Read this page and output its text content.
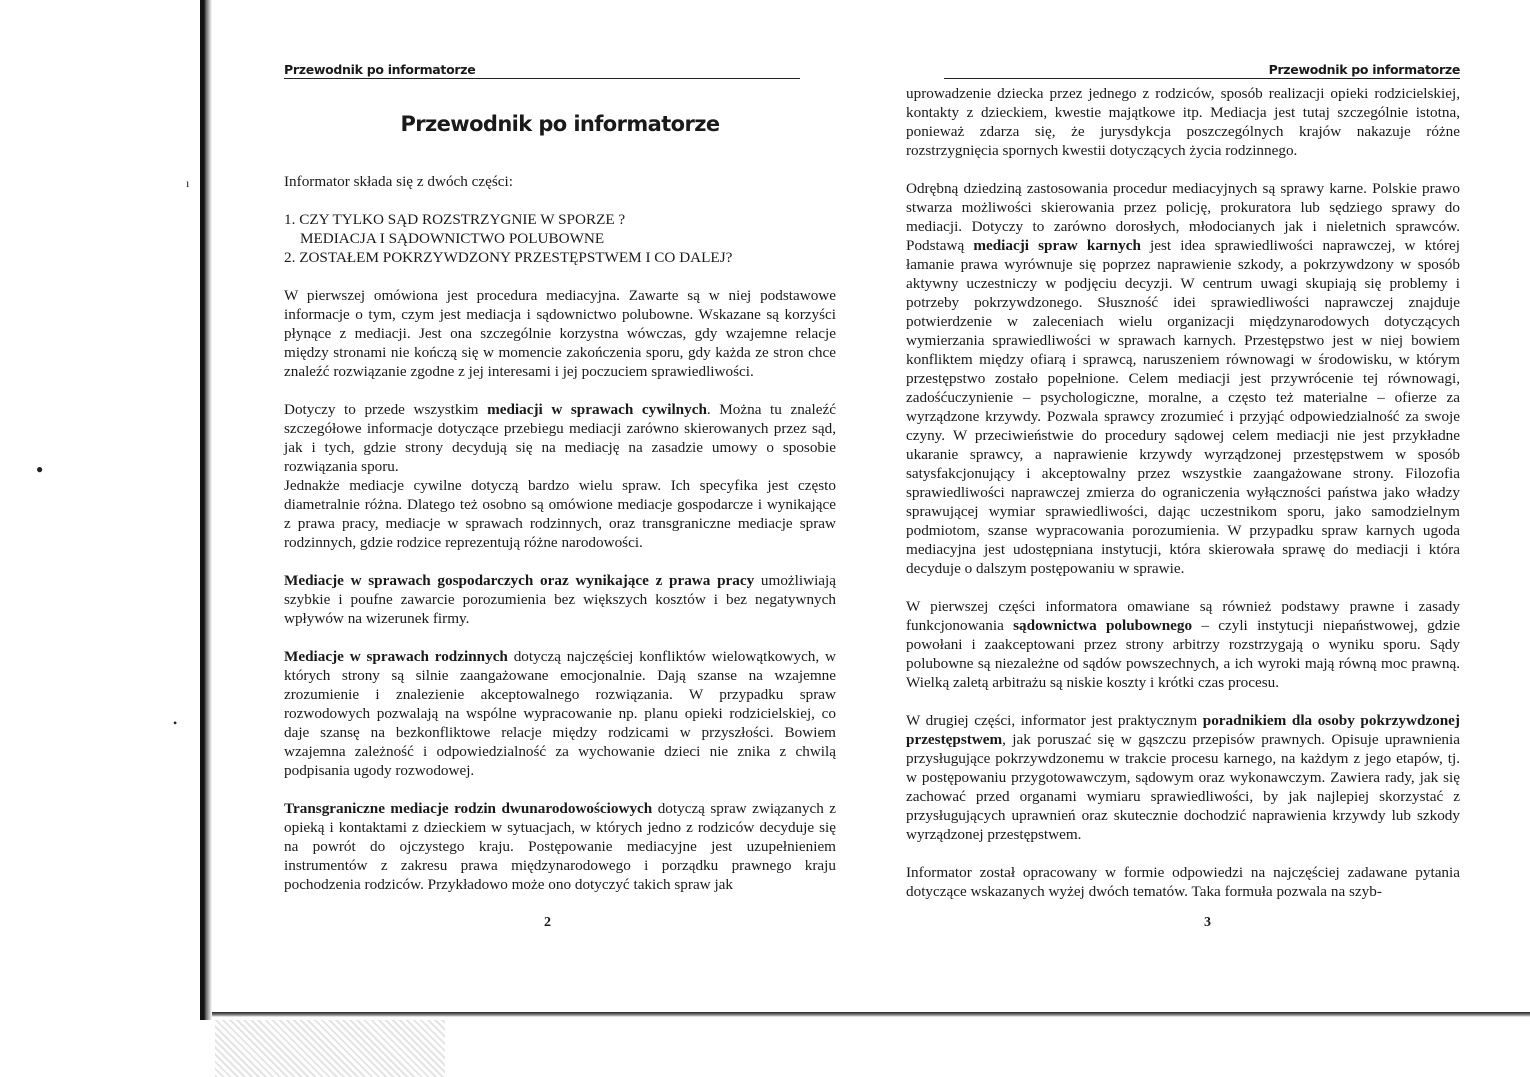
ı
●
•
Przewodnik po informatorze
Przewodnik po informatorze

Informator składa się z dwóch części:

1. CZY TYLKO SĄD ROZSTRZYGNIE W SPORZE ?
MEDIACJA I SĄDOWNICTWO POLUBOWNE
2. ZOSTAŁEM POKRZYWDZONY PRZESTĘPSTWEM I CO DALEJ?

W pierwszej omówiona jest procedura mediacyjna. Zawarte są w niej podstawowe informacje o tym, czym jest mediacja i sądownictwo polubowne. Wskazane są korzyści płynące z mediacji. Jest ona szczególnie korzystna wówczas, gdy wzajemne relacje między stronami nie kończą się w momencie zakończenia sporu, gdy każda ze stron chce znaleźć rozwiązanie zgodne z jej interesami i jej poczuciem sprawiedliwości.

Dotyczy to przede wszystkim mediacji w sprawach cywilnych. Można tu znaleźć szczegółowe informacje dotyczące przebiegu mediacji zarówno skierowanych przez sąd, jak i tych, gdzie strony decydują się na mediację na zasadzie umowy o sposobie rozwiązania sporu.

Jednakże mediacje cywilne dotyczą bardzo wielu spraw. Ich specyfika jest często diametralnie różna. Dlatego też osobno są omówione mediacje gospodarcze i wynikające z prawa pracy, mediacje w sprawach rodzinnych, oraz transgraniczne mediacje spraw rodzinnych, gdzie rodzice reprezentują różne narodowości.

Mediacje w sprawach gospodarczych oraz wynikające z prawa pracy umożliwiają szybkie i poufne zawarcie porozumienia bez większych kosztów i bez negatywnych wpływów na wizerunek firmy.

Mediacje w sprawach rodzinnych dotyczą najczęściej konfliktów wielowątkowych, w których strony są silnie zaangażowane emocjonalnie. Dają szanse na wzajemne zrozumienie i znalezienie akceptowalnego rozwiązania. W przypadku spraw rozwodowych pozwalają na wspólne wypracowanie np. planu opieki rodzicielskiej, co daje szansę na bezkonfliktowe relacje między rodzicami w przyszłości. Bowiem wzajemna zależność i odpowiedzialność za wychowanie dzieci nie znika z chwilą podpisania ugody rozwodowej.

Transgraniczne mediacje rodzin dwunarodowościowych dotyczą spraw związanych z opieką i kontaktami z dzieckiem w sytuacjach, w których jedno z rodziców decyduje się na powrót do ojczystego kraju. Postępowanie mediacyjne jest uzupełnieniem instrumentów z zakresu prawa międzynarodowego i porządku prawnego kraju pochodzenia rodziców. Przykładowo może ono dotyczyć takich spraw jak

2
Przewodnik po informatorze

uprowadzenie dziecka przez jednego z rodziców, sposób realizacji opieki rodzicielskiej, kontakty z dzieckiem, kwestie majątkowe itp. Mediacja jest tutaj szczególnie istotna, ponieważ zdarza się, że jurysdykcja poszczególnych krajów nakazuje różne rozstrzygnięcia spornych kwestii dotyczących życia rodzinnego.

Odrębną dziedziną zastosowania procedur mediacyjnych są sprawy karne. Polskie prawo stwarza możliwości skierowania przez policję, prokuratora lub sędziego sprawy do mediacji. Dotyczy to zarówno dorosłych, młodocianych jak i nieletnich sprawców. Podstawą mediacji spraw karnych jest idea sprawiedliwości naprawczej, w której łamanie prawa wyrównuje się poprzez naprawienie szkody, a pokrzywdzony w sposób aktywny uczestniczy w podjęciu decyzji. W centrum uwagi skupiają się problemy i potrzeby pokrzywdzonego. Słuszność idei sprawiedliwości naprawczej znajduje potwierdzenie w zaleceniach wielu organizacji międzynarodowych dotyczących wymierzania sprawiedliwości w sprawach karnych. Przestępstwo jest w niej bowiem konfliktem między ofiarą i sprawcą, naruszeniem równowagi w środowisku, w którym przestępstwo zostało popełnione. Celem mediacji jest przywrócenie tej równowagi, zadośćuczynienie – psychologiczne, moralne, a często też materialne – ofierze za wyrządzone krzywdy. Pozwala sprawcy zrozumieć i przyjąć odpowiedzialność za swoje czyny. W przeciwieństwie do procedury sądowej celem mediacji nie jest przykładne ukaranie sprawcy, a naprawienie krzywdy wyrządzonej przestępstwem w sposób satysfakcjonujący i akceptowalny przez wszystkie zaangażowane strony. Filozofia sprawiedliwości naprawczej zmierza do ograniczenia wyłączności państwa jako władzy sprawującej wymiar sprawiedliwości, dając uczestnikom sporu, jako samodzielnym podmiotom, szanse wypracowania porozumienia. W przypadku spraw karnych ugoda mediacyjna jest udostępniana instytucji, która skierowała sprawę do mediacji i która decyduje o dalszym postępowaniu w sprawie.

W pierwszej części informatora omawiane są również podstawy prawne i zasady funkcjonowania sądownictwa polubownego – czyli instytucji niepaństwowej, gdzie powołani i zaakceptowani przez strony arbitrzy rozstrzygają o wyniku sporu. Sądy polubowne są niezależne od sądów powszechnych, a ich wyroki mają równą moc prawną. Wielką zaletą arbitrażu są niskie koszty i krótki czas procesu.

W drugiej części, informator jest praktycznym poradnikiem dla osoby pokrzywdzonej przestępstwem, jak poruszać się w gąszczu przepisów prawnych. Opisuje uprawnienia przysługujące pokrzywdzonemu w trakcie procesu karnego, na każdym z jego etapów, tj. w postępowaniu przygotowawczym, sądowym oraz wykonawczym. Zawiera rady, jak się zachować przed organami wymiaru sprawiedliwości, by jak najlepiej skorzystać z przysługujących uprawnień oraz skutecznie dochodzić naprawienia krzywdy lub szkody wyrządzonej przestępstwem.

Informator został opracowany w formie odpowiedzi na najczęściej zadawane pytania dotyczące wskazanych wyżej dwóch tematów. Taka formuła pozwala na szyb-

3
